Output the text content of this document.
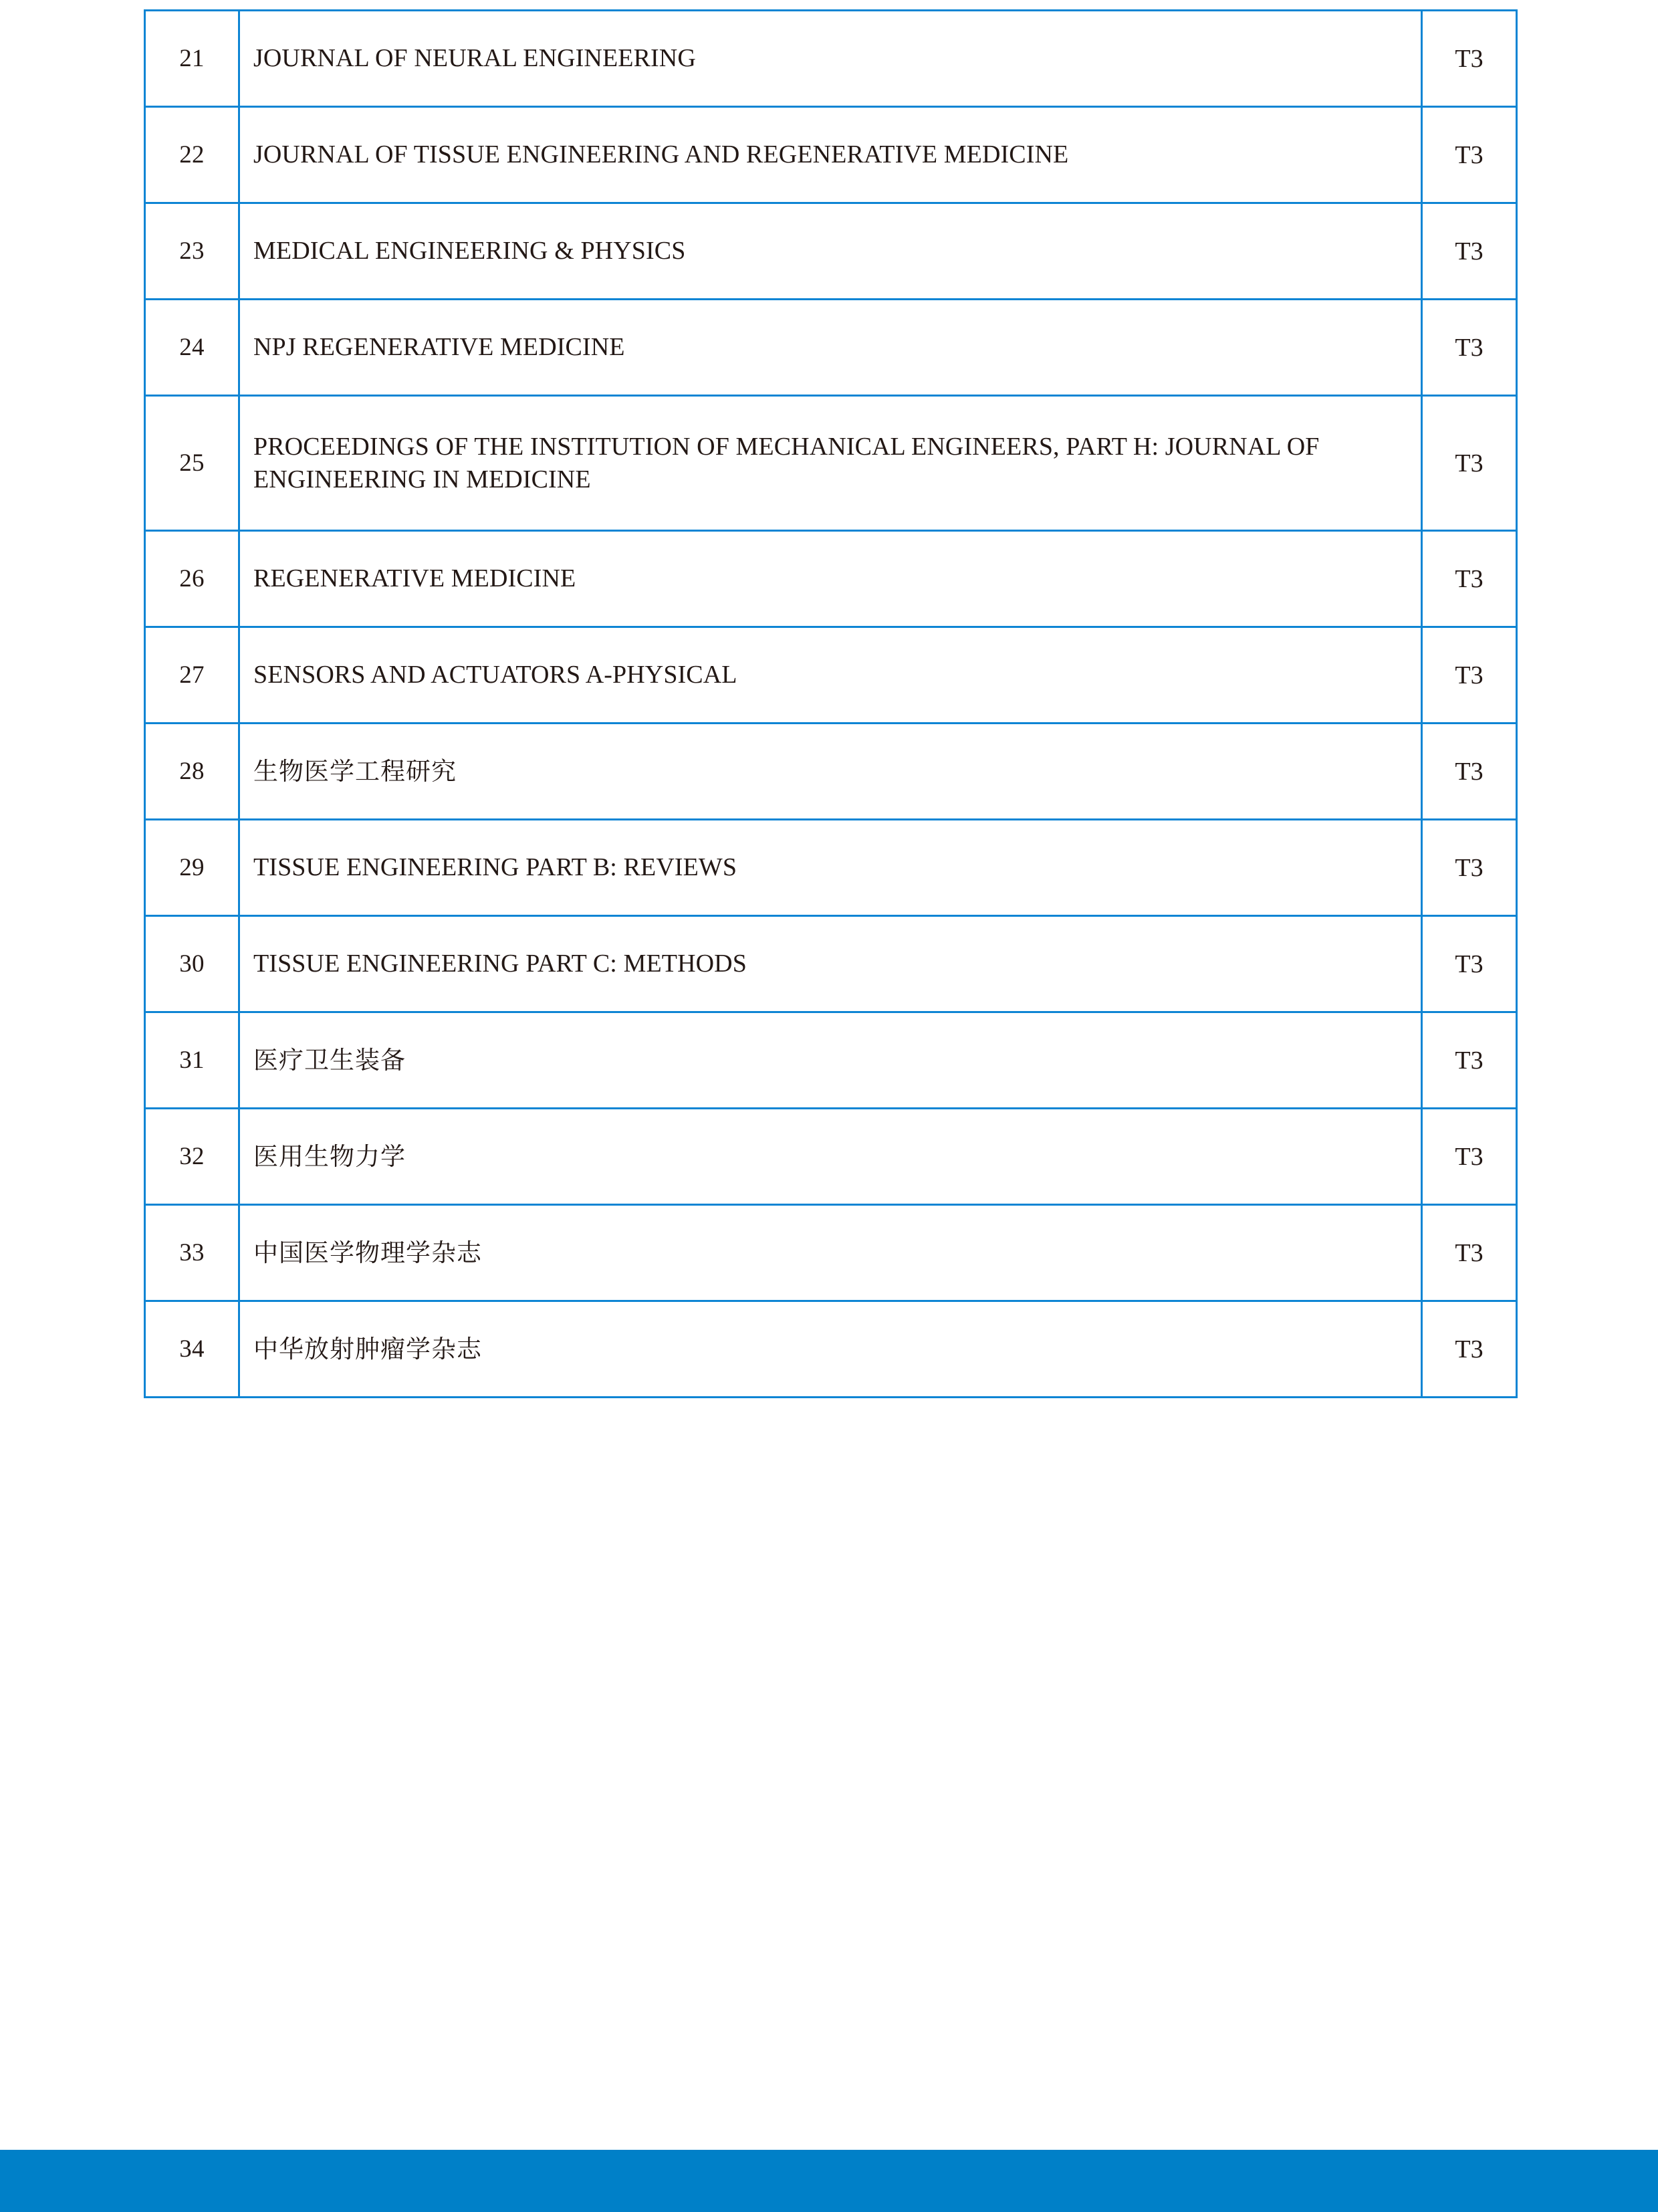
21	JOURNAL OF NEURAL ENGINEERING	T3
22	JOURNAL OF TISSUE ENGINEERING AND REGENERATIVE MEDICINE	T3
23	MEDICAL ENGINEERING & PHYSICS	T3
24	NPJ REGENERATIVE MEDICINE	T3
25	PROCEEDINGS OF THE INSTITUTION OF MECHANICAL ENGINEERS, PART H: JOURNAL OF ENGINEERING IN MEDICINE	T3
26	REGENERATIVE MEDICINE	T3
27	SENSORS AND ACTUATORS A-PHYSICAL	T3
28	生物医学工程研究	T3
29	TISSUE ENGINEERING PART B: REVIEWS	T3
30	TISSUE ENGINEERING PART C: METHODS	T3
31	医疗卫生装备	T3
32	医用生物力学	T3
33	中国医学物理学杂志	T3
34	中华放射肿瘤学杂志	T3
